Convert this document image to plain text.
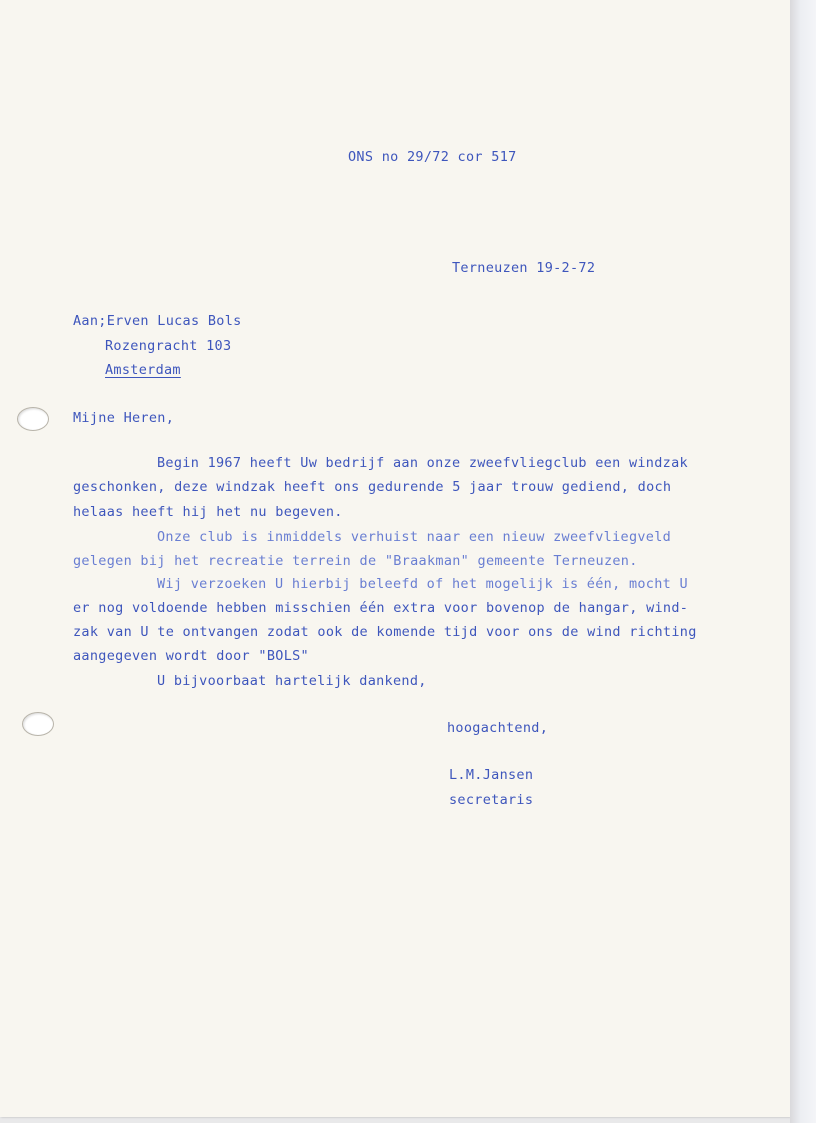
ONS no 29/72 cor 517
Terneuzen 19-2-72
Aan;Erven Lucas Bols
Rozengracht 103
Amsterdam
Mijne Heren,
Begin 1967 heeft Uw bedrijf aan onze zweefvliegclub een windzak
geschonken, deze windzak heeft ons gedurende 5 jaar trouw gediend, doch
helaas heeft hij het nu begeven.
Onze club is inmiddels verhuist naar een nieuw zweefvliegveld
gelegen bij het recreatie terrein de "Braakman" gemeente Terneuzen.
Wij verzoeken U hierbij beleefd of het mogelijk is één, mocht U
er nog voldoende hebben misschien één extra voor bovenop de hangar, wind-
zak van U te ontvangen zodat ook de komende tijd voor ons de wind richting
aangegeven wordt door "BOLS"
U bijvoorbaat hartelijk dankend,
hoogachtend,
L.M.Jansen
secretaris
